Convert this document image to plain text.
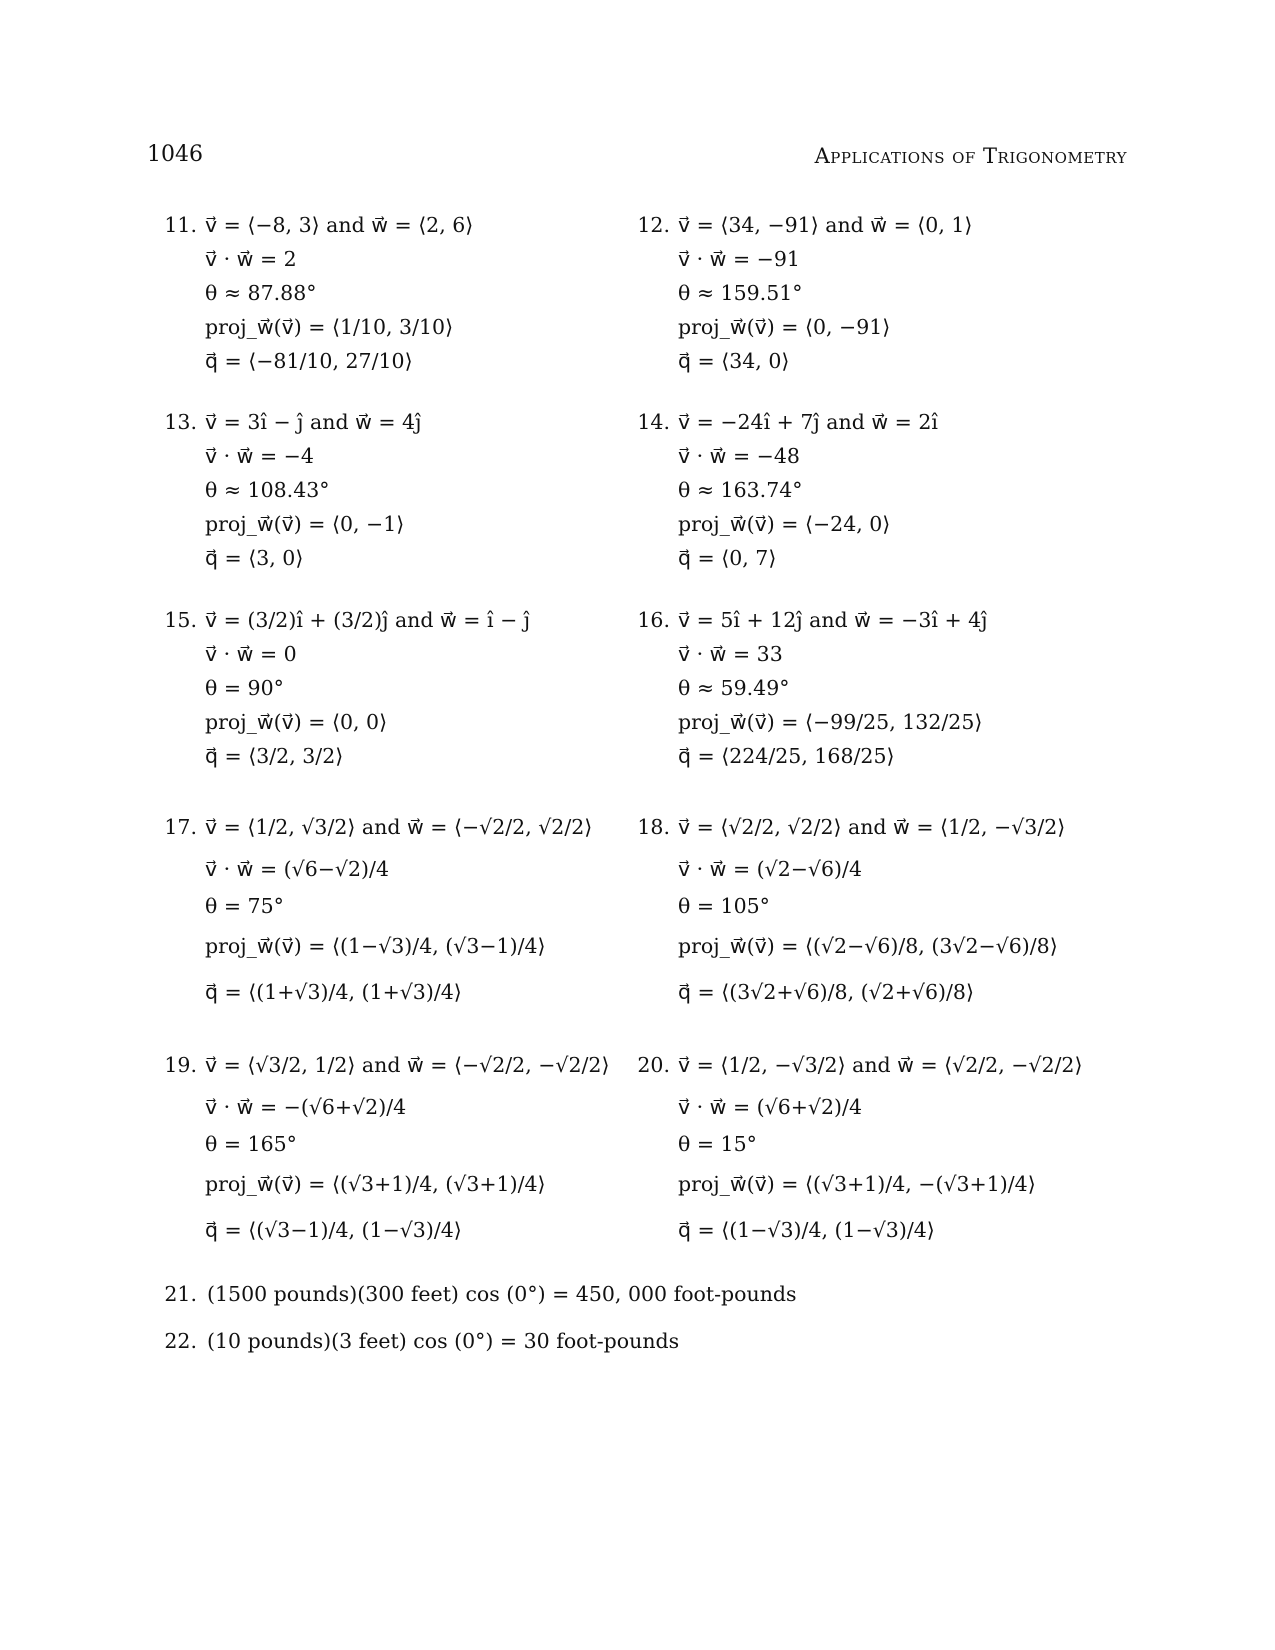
1046	Applications of Trigonometry
11. v⃗ = ⟨−8, 3⟩ and w⃗ = ⟨2, 6⟩
v⃗ · w⃗ = 2
θ ≈ 87.88°
proj_w⃗(v⃗) = ⟨1/10, 3/10⟩
q⃗ = ⟨−81/10, 27/10⟩
12. v⃗ = ⟨34, −91⟩ and w⃗ = ⟨0, 1⟩
v⃗ · w⃗ = −91
θ ≈ 159.51°
proj_w⃗(v⃗) = ⟨0, −91⟩
q⃗ = ⟨34, 0⟩
13. v⃗ = 3î − ĵ and w⃗ = 4ĵ
v⃗ · w⃗ = −4
θ ≈ 108.43°
proj_w⃗(v⃗) = ⟨0, −1⟩
q⃗ = ⟨3, 0⟩
14. v⃗ = −24î + 7ĵ and w⃗ = 2î
v⃗ · w⃗ = −48
θ ≈ 163.74°
proj_w⃗(v⃗) = ⟨−24, 0⟩
q⃗ = ⟨0, 7⟩
15. v⃗ = (3/2)î + (3/2)ĵ and w⃗ = î − ĵ
v⃗ · w⃗ = 0
θ = 90°
proj_w⃗(v⃗) = ⟨0, 0⟩
q⃗ = ⟨3/2, 3/2⟩
16. v⃗ = 5î + 12ĵ and w⃗ = −3î + 4ĵ
v⃗ · w⃗ = 33
θ ≈ 59.49°
proj_w⃗(v⃗) = ⟨−99/25, 132/25⟩
q⃗ = ⟨224/25, 168/25⟩
17. v⃗ = ⟨1/2, √3/2⟩ and w⃗ = ⟨−√2/2, √2/2⟩
v⃗ · w⃗ = (√6−√2)/4
θ = 75°
proj_w⃗(v⃗) = ⟨(1−√3)/4, (√3−1)/4⟩
q⃗ = ⟨(1+√3)/4, (1+√3)/4⟩
18. v⃗ = ⟨√2/2, √2/2⟩ and w⃗ = ⟨1/2, −√3/2⟩
v⃗ · w⃗ = (√2−√6)/4
θ = 105°
proj_w⃗(v⃗) = ⟨(√2−√6)/8, (3√2−√6)/8⟩
q⃗ = ⟨(3√2+√6)/8, (√2+√6)/8⟩
19. v⃗ = ⟨√3/2, 1/2⟩ and w⃗ = ⟨−√2/2, −√2/2⟩
v⃗ · w⃗ = −(√6+√2)/4
θ = 165°
proj_w⃗(v⃗) = ⟨(√3+1)/4, (√3+1)/4⟩
q⃗ = ⟨(√3−1)/4, (1−√3)/4⟩
20. v⃗ = ⟨1/2, −√3/2⟩ and w⃗ = ⟨√2/2, −√2/2⟩
v⃗ · w⃗ = (√6+√2)/4
θ = 15°
proj_w⃗(v⃗) = ⟨(√3+1)/4, −(√3+1)/4⟩
q⃗ = ⟨(1−√3)/4, (1−√3)/4⟩
21. (1500 pounds)(300 feet) cos (0°) = 450, 000 foot-pounds
22. (10 pounds)(3 feet) cos (0°) = 30 foot-pounds
